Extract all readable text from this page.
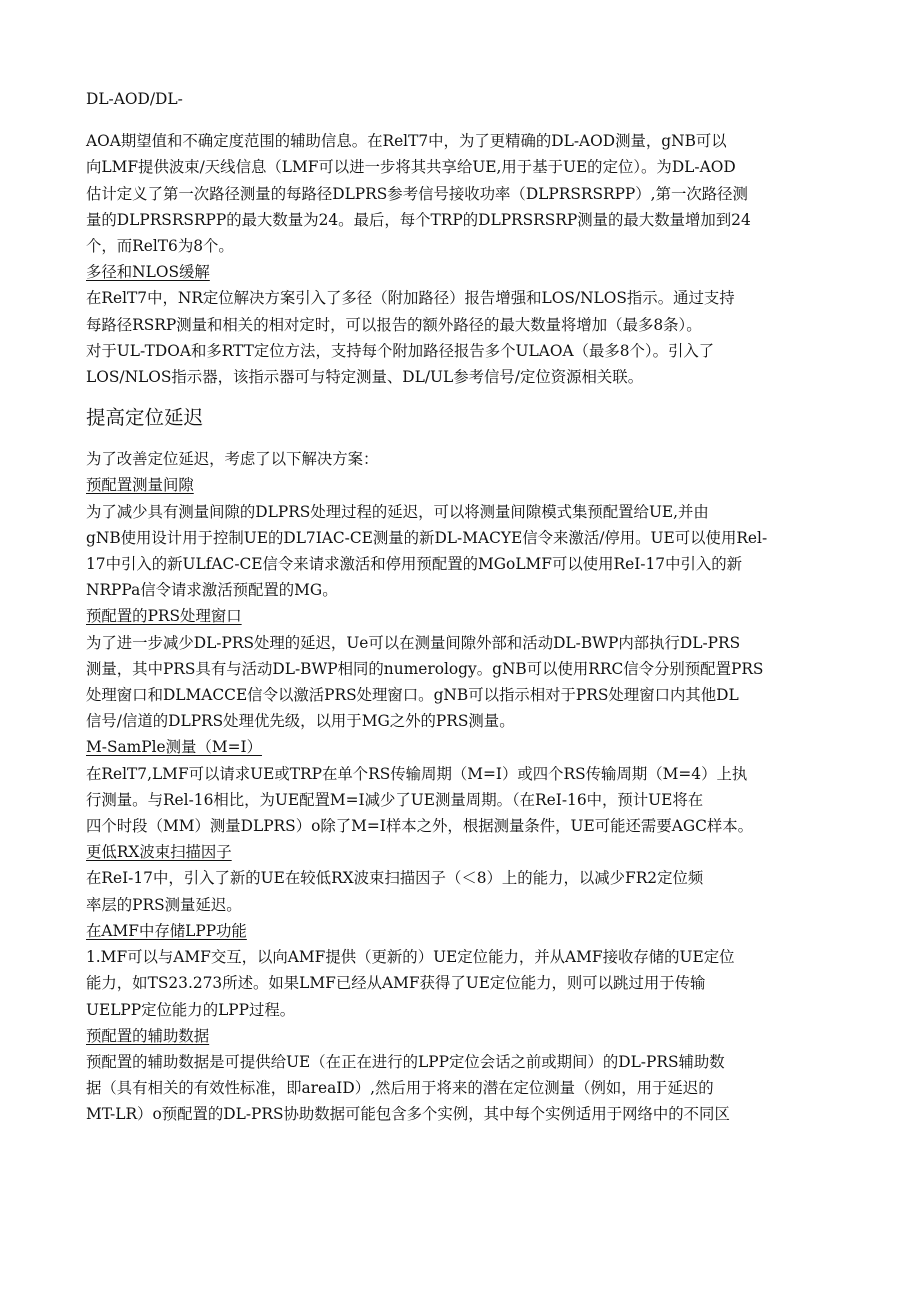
DL-AOD/DL-

AOA期望值和不确定度范围的辅助信息。在RelT7中，为了更精确的DL-AOD测量，gNB可以

向LMF提供波束/天线信息（LMF可以进一步将其共享给UE,用于基于UE的定位）。为DL-AOD

估计定义了第一次路径测量的每路径DLPRS参考信号接收功率（DLPRSRSRPP）,第一次路径测

量的DLPRSRSRPP的最大数量为24。最后，每个TRP的DLPRSRSRP测量的最大数量增加到24

个，而RelT6为8个。

多径和NLOS缓解

在RelT7中，NR定位解决方案引入了多径（附加路径）报告增强和LOS/NLOS指示。通过支持

每路径RSRP测量和相关的相对定时，可以报告的额外路径的最大数量将增加（最多8条）。

对于UL-TDOA和多RTT定位方法，支持每个附加路径报告多个ULAOA（最多8个）。引入了

LOS/NLOS指示器，该指示器可与特定测量、DL/UL参考信号/定位资源相关联。

提高定位延迟

为了改善定位延迟，考虑了以下解决方案：

预配置测量间隙

为了减少具有测量间隙的DLPRS处理过程的延迟，可以将测量间隙模式集预配置给UE,并由

gNB使用设计用于控制UE的DL7IAC-CE测量的新DL-MACYE信令来激活/停用。UE可以使用Rel-

17中引入的新ULfAC-CE信令来请求激活和停用预配置的MGoLMF可以使用ReI-17中引入的新

NRPPa信令请求激活预配置的MG。

预配置的PRS处理窗口

为了进一步减少DL-PRS处理的延迟，Ue可以在测量间隙外部和活动DL-BWP内部执行DL-PRS

测量，其中PRS具有与活动DL-BWP相同的numerology。gNB可以使用RRC信令分别预配置PRS

处理窗口和DLMACCE信令以激活PRS处理窗口。gNB可以指示相对于PRS处理窗口内其他DL

信号/信道的DLPRS处理优先级，以用于MG之外的PRS测量。

M-SamPle测量（M=I）

在RelT7,LMF可以请求UE或TRP在单个RS传输周期（M=I）或四个RS传输周期（M=4）上执

行测量。与Rel-16相比，为UE配置M=I减少了UE测量周期。（在ReI-16中，预计UE将在

四个时段（MM）测量DLPRS）o除了M=I样本之外，根据测量条件，UE可能还需要AGC样本。

更低RX波束扫描因子

在ReI-17中，引入了新的UE在较低RX波束扫描因子（＜8）上的能力，以减少FR2定位频

率层的PRS测量延迟。

在AMF中存储LPP功能

1.MF可以与AMF交互，以向AMF提供（更新的）UE定位能力，并从AMF接收存储的UE定位

能力，如TS23.273所述。如果LMF已经从AMF获得了UE定位能力，则可以跳过用于传输

UELPP定位能力的LPP过程。

预配置的辅助数据

预配置的辅助数据是可提供给UE（在正在进行的LPP定位会话之前或期间）的DL-PRS辅助数

据（具有相关的有效性标准，即areaID）,然后用于将来的潜在定位测量（例如，用于延迟的

MT-LR）o预配置的DL-PRS协助数据可能包含多个实例，其中每个实例适用于网络中的不同区
